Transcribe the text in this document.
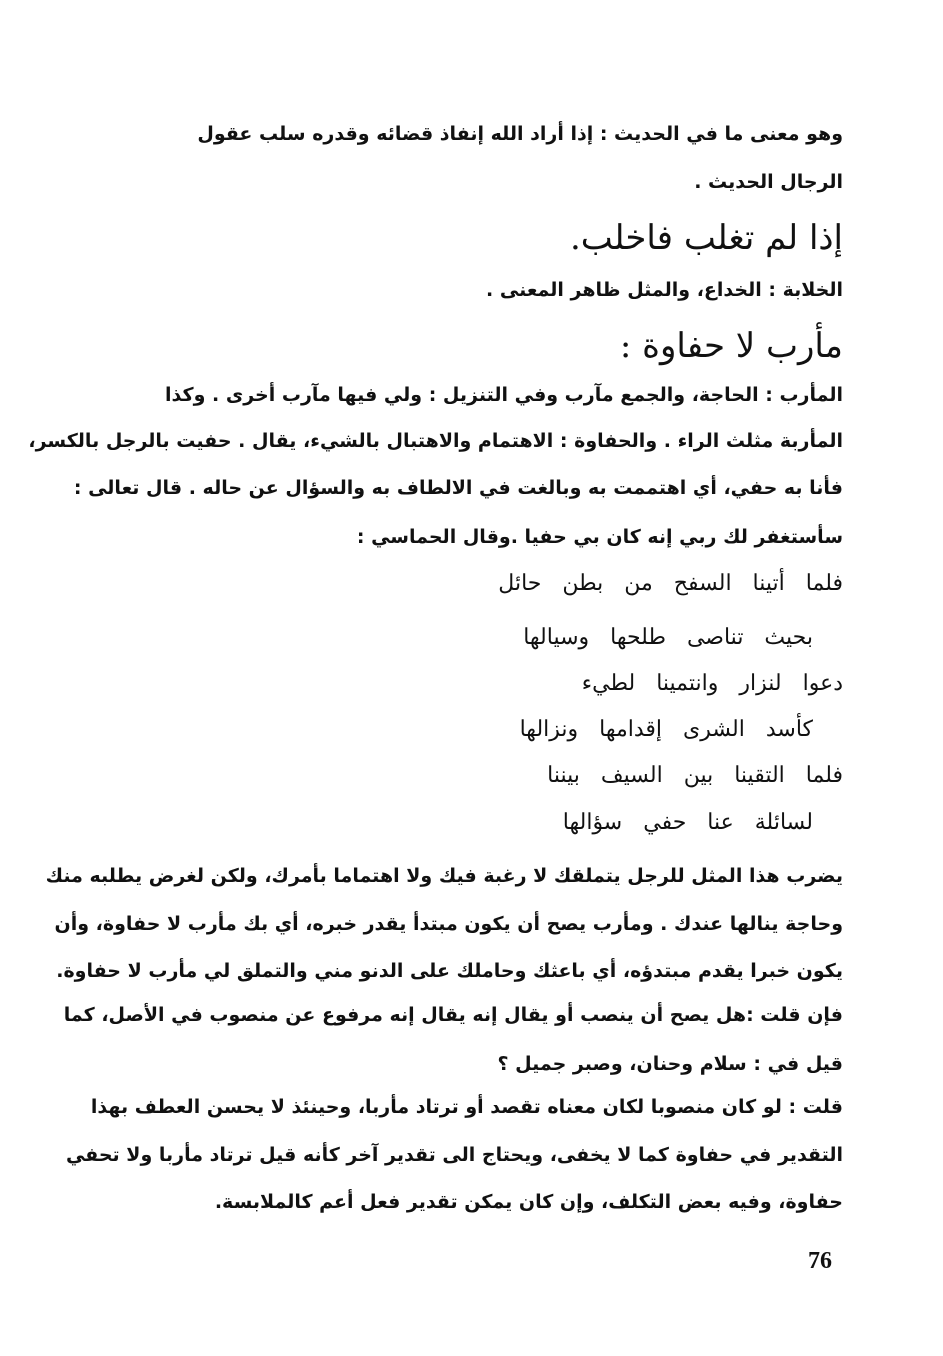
وهو معنى ما في الحديث : إذا أراد الله إنفاذ قضائه وقدره سلب عقول
الرجال الحديث .
إذا لم تغلب فاخلب.
الخلابة : الخداع، والمثل ظاهر المعنى .
مأرب لا حفاوة :
المأرب : الحاجة، والجمع مآرب وفي التنزيل : ولي فيها مآرب أخرى . وكذا
المأربة مثلث الراء . والحفاوة : الاهتمام والاهتبال بالشيء، يقال . حفيت بالرجل بالكسر،
فأنا به حفي، أي اهتممت به وبالغت في الالطاف به والسؤال عن حاله . قال تعالى :
سأستغفر لك ربي إنه كان بي حفيا .وقال الحماسي :
فلما أتينا السفح من بطن حائل
بحيث تناصى طلحها وسيالها
دعوا لنزار وانتمينا لطيء
كأسد الشرى إقدامها ونزالها
فلما التقينا بين السيف بيننا
لسائلة عنا حفي سؤالها
يضرب هذا المثل للرجل يتملقك لا رغبة فيك ولا اهتماما بأمرك، ولكن لغرض يطلبه منك
وحاجة ينالها عندك . ومأرب يصح أن يكون مبتدأ يقدر خبره، أي بك مأرب لا حفاوة، وأن
يكون خبرا يقدم مبتدؤه، أي باعثك وحاملك على الدنو مني والتملق لي مأرب لا حفاوة.
فإن قلت :هل يصح أن ينصب أو يقال إنه يقال إنه مرفوع عن منصوب في الأصل، كما
قيل في : سلام وحنان، وصبر جميل ؟
قلت : لو كان منصوبا لكان معناه تقصد أو ترتاد مأربا، وحينئذ لا يحسن العطف بهذا
التقدير في حفاوة كما لا يخفى، ويحتاج الى تقدير آخر كأنه قيل ترتاد مأربا ولا تحفي
حفاوة، وفيه بعض التكلف، وإن كان يمكن تقدير فعل أعم كالملابسة.
76
